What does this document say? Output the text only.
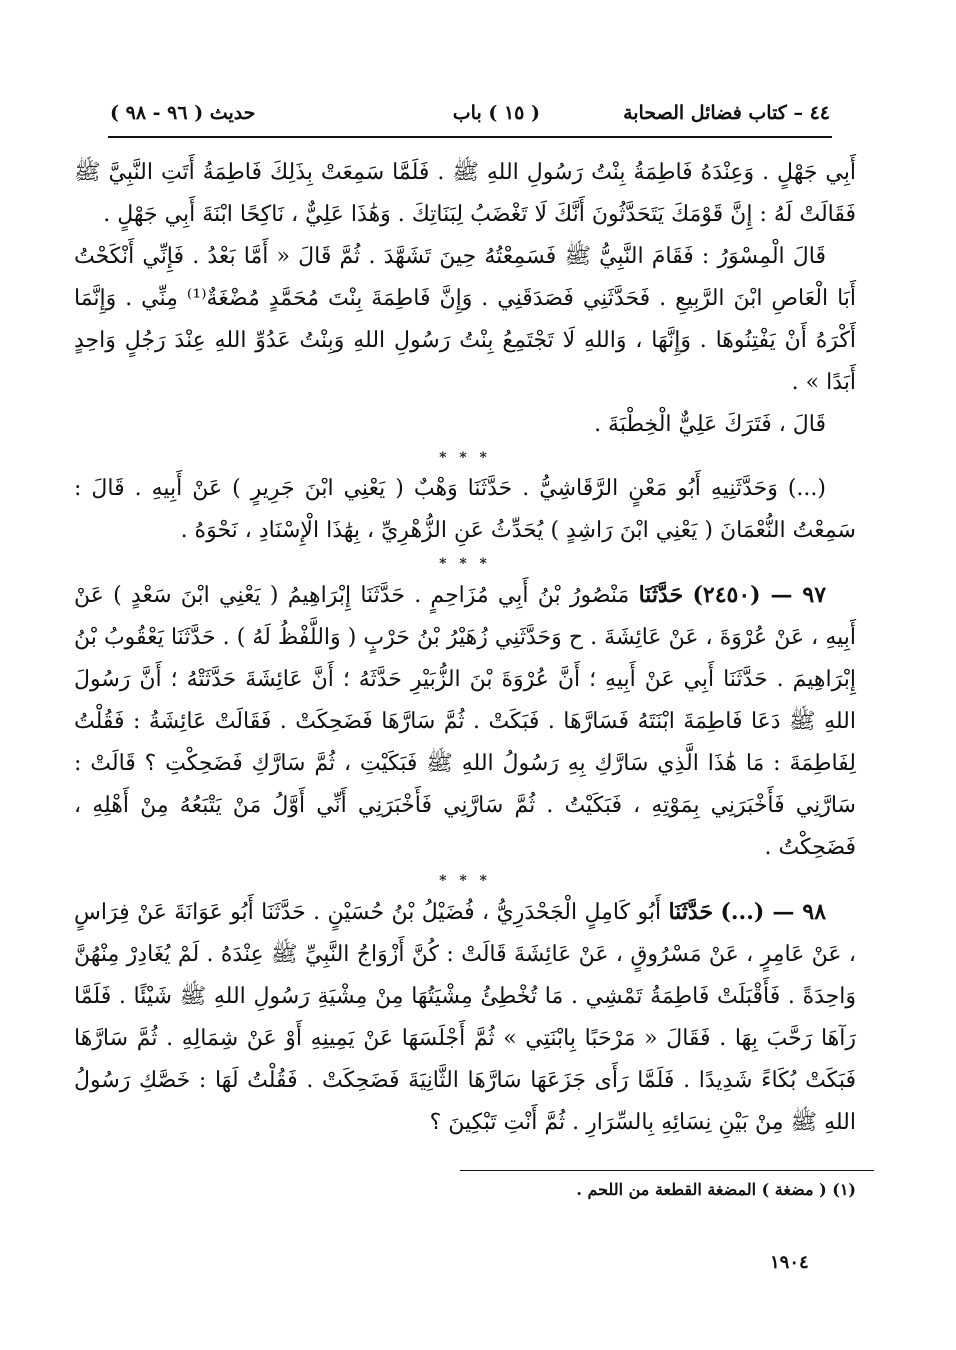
٤٤ – كتاب فضائل الصحابة
( ١٥ ) باب
حديث ( ٩٦ - ٩٨ )

أَبِي جَهْلٍ . وَعِنْدَهُ فَاطِمَةُ بِنْتُ رَسُولِ اللهِ ﷺ . فَلَمَّا سَمِعَتْ بِذَلِكَ فَاطِمَةُ أَتَتِ النَّبِيَّ ﷺ فَقَالَتْ لَهُ : إِنَّ قَوْمَكَ يَتَحَدَّثُونَ أَنَّكَ لَا تَغْضَبُ لِبَنَاتِكَ . وَهَٰذَا عَلِيٌّ ، نَاكِحًا ابْنَةَ أَبِي جَهْلٍ .

قَالَ الْمِسْوَرُ : فَقَامَ النَّبِيُّ ﷺ فَسَمِعْتُهُ حِينَ تَشَهَّدَ . ثُمَّ قَالَ « أَمَّا بَعْدُ . فَإِنِّي أَنْكَحْتُ أَبَا الْعَاصِ ابْنَ الرَّبِيعِ . فَحَدَّثَنِي فَصَدَقَنِي . وَإِنَّ فَاطِمَةَ بِنْتَ مُحَمَّدٍ مُضْغَةٌ⁽¹⁾ مِنِّي . وَإِنَّمَا أَكْرَهُ أَنْ يَفْتِنُوهَا . وَإِنَّهَا ، وَاللهِ لَا تَجْتَمِعُ بِنْتُ رَسُولِ اللهِ وَبِنْتُ عَدُوِّ اللهِ عِنْدَ رَجُلٍ وَاحِدٍ أَبَدًا » .

قَالَ ، فَتَرَكَ عَلِيٌّ الْخِطْبَةَ .

* * *

(...) وَحَدَّثَنِيهِ أَبُو مَعْنٍ الرَّقَاشِيُّ . حَدَّثَنَا وَهْبٌ ( يَعْنِي ابْنَ جَرِيرٍ ) عَنْ أَبِيهِ . قَالَ : سَمِعْتُ النُّعْمَانَ ( يَعْنِي ابْنَ رَاشِدٍ ) يُحَدِّثُ عَنِ الزُّهْرِيِّ ، بِهَٰذَا الْإِسْنَادِ ، نَحْوَهُ .

* * *

٩٧ — (٢٤٥٠) حَدَّثَنَا مَنْصُورُ بْنُ أَبِي مُزَاحِمٍ . حَدَّثَنَا إِبْرَاهِيمُ ( يَعْنِي ابْنَ سَعْدٍ ) عَنْ أَبِيهِ ، عَنْ عُرْوَةَ ، عَنْ عَائِشَةَ . ح وَحَدَّثَنِي زُهَيْرُ بْنُ حَرْبٍ ( وَاللَّفْظُ لَهُ ) . حَدَّثَنَا يَعْقُوبُ بْنُ إِبْرَاهِيمَ . حَدَّثَنَا أَبِي عَنْ أَبِيهِ ؛ أَنَّ عُرْوَةَ بْنَ الزُّبَيْرِ حَدَّثَهُ ؛ أَنَّ عَائِشَةَ حَدَّثَتْهُ ؛ أَنَّ رَسُولَ اللهِ ﷺ دَعَا فَاطِمَةَ ابْنَتَهُ فَسَارَّهَا . فَبَكَتْ . ثُمَّ سَارَّهَا فَضَحِكَتْ . فَقَالَتْ عَائِشَةُ : فَقُلْتُ لِفَاطِمَةَ : مَا هَٰذَا الَّذِي سَارَّكِ بِهِ رَسُولُ اللهِ ﷺ فَبَكَيْتِ ، ثُمَّ سَارَّكِ فَضَحِكْتِ ؟ قَالَتْ : سَارَّنِي فَأَخْبَرَنِي بِمَوْتِهِ ، فَبَكَيْتُ . ثُمَّ سَارَّنِي فَأَخْبَرَنِي أَنِّي أَوَّلُ مَنْ يَتْبَعُهُ مِنْ أَهْلِهِ ، فَضَحِكْتُ .

* * *

٩٨ — (...) حَدَّثَنَا أَبُو كَامِلٍ الْجَحْدَرِيُّ ، فُضَيْلُ بْنُ حُسَيْنٍ . حَدَّثَنَا أَبُو عَوَانَةَ عَنْ فِرَاسٍ ، عَنْ عَامِرٍ ، عَنْ مَسْرُوقٍ ، عَنْ عَائِشَةَ قَالَتْ : كُنَّ أَزْوَاجُ النَّبِيِّ ﷺ عِنْدَهُ . لَمْ يُغَادِرْ مِنْهُنَّ وَاحِدَةً . فَأَقْبَلَتْ فَاطِمَةُ تَمْشِي . مَا تُخْطِئُ مِشْيَتُهَا مِنْ مِشْيَةِ رَسُولِ اللهِ ﷺ شَيْئًا . فَلَمَّا رَآهَا رَحَّبَ بِهَا . فَقَالَ « مَرْحَبًا بِابْنَتِي » ثُمَّ أَجْلَسَهَا عَنْ يَمِينِهِ أَوْ عَنْ شِمَالِهِ . ثُمَّ سَارَّهَا فَبَكَتْ بُكَاءً شَدِيدًا . فَلَمَّا رَأَى جَزَعَهَا سَارَّهَا الثَّانِيَةَ فَضَحِكَتْ . فَقُلْتُ لَهَا : خَصَّكِ رَسُولُ اللهِ ﷺ مِنْ بَيْنِ نِسَائِهِ بِالسِّرَارِ . ثُمَّ أَنْتِ تَبْكِينَ ؟

(١) ( مضغة ) المضغة القطعة من اللحم .
١٩٠٤
